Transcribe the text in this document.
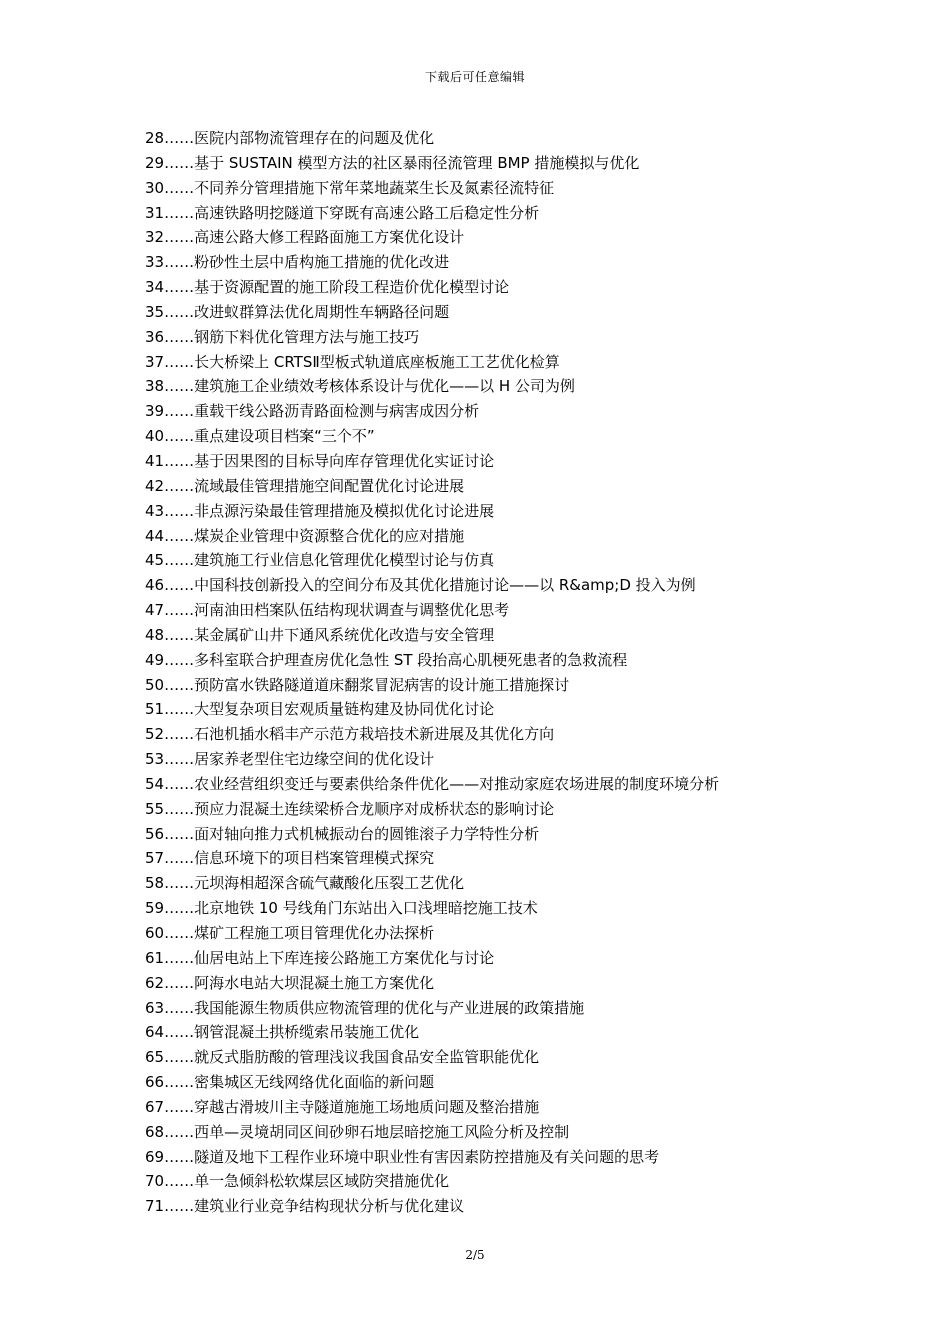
下载后可任意编辑
28……医院内部物流管理存在的问题及优化
29……基于 SUSTAIN 模型方法的社区暴雨径流管理 BMP 措施模拟与优化
30……不同养分管理措施下常年菜地蔬菜生长及氮素径流特征
31……高速铁路明挖隧道下穿既有高速公路工后稳定性分析
32……高速公路大修工程路面施工方案优化设计
33……粉砂性土层中盾构施工措施的优化改进
34……基于资源配置的施工阶段工程造价优化模型讨论
35……改进蚁群算法优化周期性车辆路径问题
36……钢筋下料优化管理方法与施工技巧
37……长大桥梁上 CRTSⅡ型板式轨道底座板施工工艺优化检算
38……建筑施工企业绩效考核体系设计与优化——以 H 公司为例
39……重载干线公路沥青路面检测与病害成因分析
40……重点建设项目档案“三个不”
41……基于因果图的目标导向库存管理优化实证讨论
42……流域最佳管理措施空间配置优化讨论进展
43……非点源污染最佳管理措施及模拟优化讨论进展
44……煤炭企业管理中资源整合优化的应对措施
45……建筑施工行业信息化管理优化模型讨论与仿真
46……中国科技创新投入的空间分布及其优化措施讨论——以 R&amp;D 投入为例
47……河南油田档案队伍结构现状调查与调整优化思考
48……某金属矿山井下通风系统优化改造与安全管理
49……多科室联合护理查房优化急性 ST 段抬高心肌梗死患者的急救流程
50……预防富水铁路隧道道床翻浆冒泥病害的设计施工措施探讨
51……大型复杂项目宏观质量链构建及协同优化讨论
52……石池机插水稻丰产示范方栽培技术新进展及其优化方向
53……居家养老型住宅边缘空间的优化设计
54……农业经营组织变迁与要素供给条件优化——对推动家庭农场进展的制度环境分析
55……预应力混凝土连续梁桥合龙顺序对成桥状态的影响讨论
56……面对轴向推力式机械振动台的圆锥滚子力学特性分析
57……信息环境下的项目档案管理模式探究
58……元坝海相超深含硫气藏酸化压裂工艺优化
59……北京地铁 10 号线角门东站出入口浅埋暗挖施工技术
60……煤矿工程施工项目管理优化办法探析
61……仙居电站上下库连接公路施工方案优化与讨论
62……阿海水电站大坝混凝土施工方案优化
63……我国能源生物质供应物流管理的优化与产业进展的政策措施
64……钢管混凝土拱桥缆索吊装施工优化
65……就反式脂肪酸的管理浅议我国食品安全监管职能优化
66……密集城区无线网络优化面临的新问题
67……穿越古滑坡川主寺隧道施施工场地质问题及整治措施
68……西单—灵境胡同区间砂卵石地层暗挖施工风险分析及控制
69……隧道及地下工程作业环境中职业性有害因素防控措施及有关问题的思考
70……单一急倾斜松软煤层区域防突措施优化
71……建筑业行业竞争结构现状分析与优化建议
2/5
